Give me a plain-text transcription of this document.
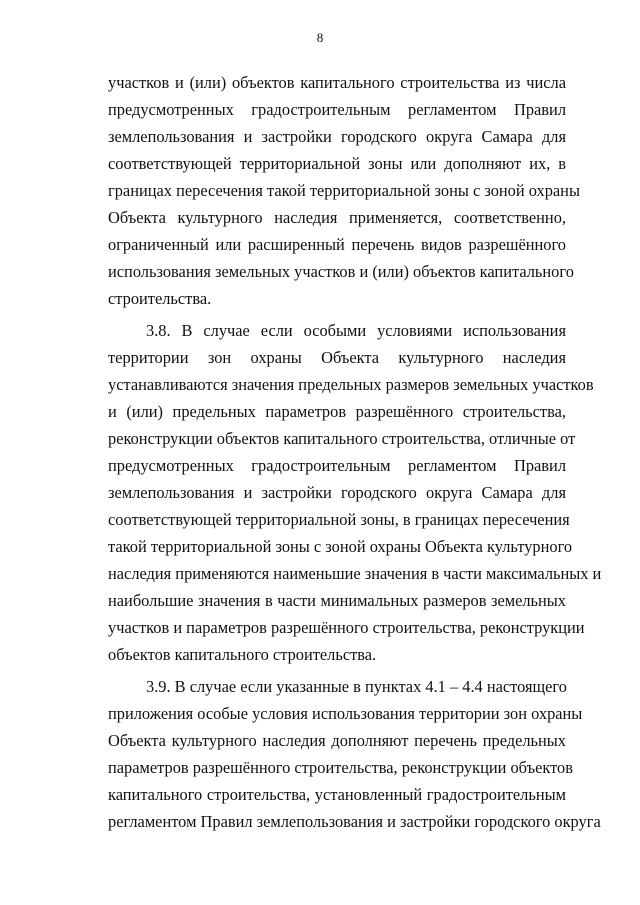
8
участков и (или) объектов капитального строительства из числа
предусмотренных градостроительным регламентом Правил
землепользования и застройки городского округа Самара для
соответствующей территориальной зоны или дополняют их, в
границах пересечения такой территориальной зоны с зоной охраны
Объекта культурного наследия применяется, соответственно,
ограниченный или расширенный перечень видов разрешённого
использования земельных участков и (или) объектов капитального
строительства.
3.8. В случае если особыми условиями использования
территории зон охраны Объекта культурного наследия
устанавливаются значения предельных размеров земельных участков
и (или) предельных параметров разрешённого строительства,
реконструкции объектов капитального строительства, отличные от
предусмотренных градостроительным регламентом Правил
землепользования и застройки городского округа Самара для
соответствующей территориальной зоны, в границах пересечения
такой территориальной зоны с зоной охраны Объекта культурного
наследия применяются наименьшие значения в части максимальных и
наибольшие значения в части минимальных размеров земельных
участков и параметров разрешённого строительства, реконструкции
объектов капитального строительства.
3.9. В случае если указанные в пунктах 4.1 – 4.4 настоящего
приложения особые условия использования территории зон охраны
Объекта культурного наследия дополняют перечень предельных
параметров разрешённого строительства, реконструкции объектов
капитального строительства, установленный градостроительным
регламентом Правил землепользования и застройки городского округа
